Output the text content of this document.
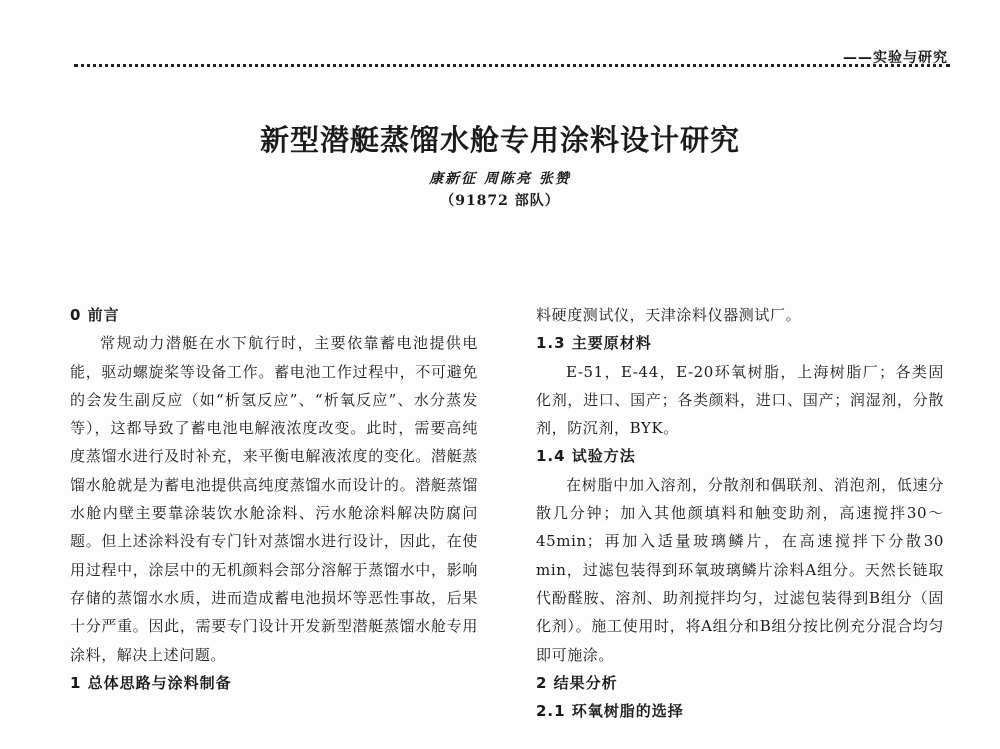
——实验与研究
新型潜艇蒸馏水舱专用涂料设计研究
康新征 周陈亮 张赞
（91872 部队）
0 前言
常规动力潜艇在水下航行时，主要依靠蓄电池提供电能，驱动螺旋桨等设备工作。蓄电池工作过程中，不可避免的会发生副反应（如“析氢反应”、“析氧反应”、水分蒸发等），这都导致了蓄电池电解液浓度改变。此时，需要高纯度蒸馏水进行及时补充，来平衡电解液浓度的变化。潜艇蒸馏水舱就是为蓄电池提供高纯度蒸馏水而设计的。潜艇蒸馏水舱内壁主要靠涂装饮水舱涂料、污水舱涂料解决防腐问题。但上述涂料没有专门针对蒸馏水进行设计，因此，在使用过程中，涂层中的无机颜料会部分溶解于蒸馏水中，影响存储的蒸馏水水质，进而造成蓄电池损坏等恶性事故，后果十分严重。因此，需要专门设计开发新型潜艇蒸馏水舱专用涂料，解决上述问题。
1 总体思路与涂料制备
料硬度测试仪，天津涂料仪器测试厂。
1.3 主要原材料
E-51，E-44，E-20环氧树脂，上海树脂厂；各类固化剂，进口、国产；各类颜料，进口、国产；润湿剂，分散剂，防沉剂，BYK。
1.4 试验方法
在树脂中加入溶剂，分散剂和偶联剂、消泡剂，低速分散几分钟；加入其他颜填料和触变助剂，高速搅拌30～45min；再加入适量玻璃鳞片，在高速搅拌下分散30 min，过滤包装得到环氧玻璃鳞片涂料A组分。天然长链取代酚醛胺、溶剂、助剂搅拌均匀，过滤包装得到B组分（固化剂）。施工使用时，将A组分和B组分按比例充分混合均匀即可施涂。
2 结果分析
2.1 环氧树脂的选择
